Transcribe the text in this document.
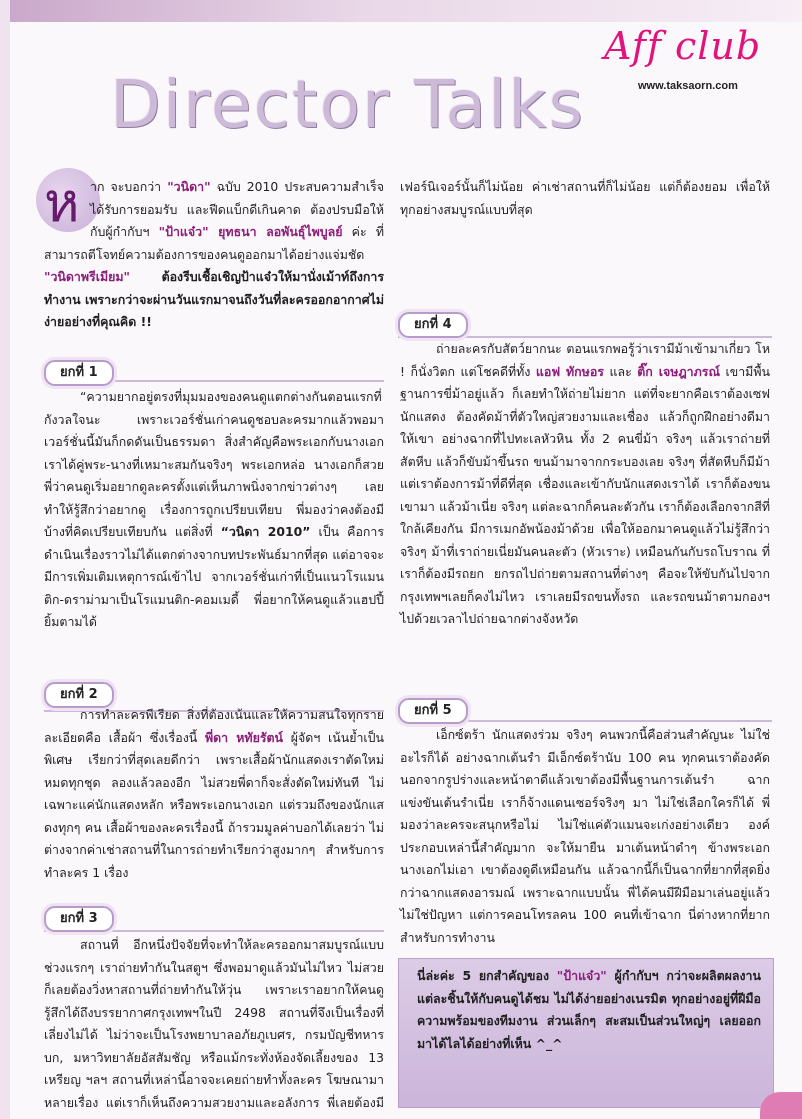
Aff club
www.taksaorn.com
Director Talks

หาก จะบอกว่า "วนิดา" ฉบับ 2010 ประสบความสำเร็จ ได้รับการยอมรับ และฟีดแบ็กดีเกินคาด ต้องปรบมือให้กับผู้กำกับฯ "ป้าแจ๋ว" ยุทธนา ลอพันธุ์ไพบูลย์ ค่ะ ที่สามารถตีโจทย์ความต้องการของคนดูออกมาได้อย่างแจ่มชัด "วนิดาพรีเมียม" ต้องรีบเชื้อเชิญป้าแจ๋วให้มานั่งเม้าท์ถึงการทำงาน เพราะกว่าจะผ่านวันแรกมาจนถึงวันที่ละครออกอากาศไม่ง่ายอย่างที่คุณคิด !!

ยกที่ 1

“ความยากอยู่ตรงที่มุมมองของคนดูแตกต่างกันตอนแรกที่กังวลใจนะ เพราะเวอร์ชั่นเก่าคนดูชอบละครมากแล้วพอมาเวอร์ชั่นนี้มันก็กดดันเป็นธรรมดา สิ่งสำคัญคือพระเอกกับนางเอก เราได้คู่พระ-นางที่เหมาะสมกันจริงๆ พระเอกหล่อ นางเอกก็สวย พี่ว่าคนดูเริ่มอยากดูละครตั้งแต่เห็นภาพนิ่งจากข่าวต่างๆ เลยทำให้รู้สึกว่าอยากดู เรื่องการถูกเปรียบเทียบ พี่มองว่าคงต้องมีบ้างที่คิดเปรียบเทียบกัน แต่สิ่งที่ “วนิดา 2010” เป็น คือการดำเนินเรื่องราวไม่ได้แตกต่างจากบทประพันธ์มากที่สุด แต่อาจจะมีการเพิ่มเติมเหตุการณ์เข้าไป จากเวอร์ชั่นเก่าที่เป็นแนวโรแมนติก-ดราม่ามาเป็นโรแมนติก-คอมเมดี้ พี่อยากให้คนดูแล้วแฮปปี้ ยิ้มตามได้

ยกที่ 2

การทำละครพีเรียด สิ่งที่ต้องเน้นและให้ความสนใจทุกรายละเอียดคือ เสื้อผ้า ซึ่งเรื่องนี้ พี่ดา หทัยรัตน์ ผู้จัดฯ เน้นย้ำเป็นพิเศษ เรียกว่าที่สุดเลยดีกว่า เพราะเสื้อผ้านักแสดงเราตัดใหม่หมดทุกชุด ลองแล้วลองอีก ไม่สวยพี่ดาก็จะสั่งตัดใหม่ทันที ไม่เฉพาะแค่นักแสดงหลัก หรือพระเอกนางเอก แต่รวมถึงของนักแสดงทุกๆ คน เสื้อผ้าของละครเรื่องนี้ ถ้ารวมมูลค่าบอกได้เลยว่า ไม่ต่างจากค่าเช่าสถานที่ในการถ่ายทำเรียกว่าสูงมากๆ สำหรับการทำละคร 1 เรื่อง

ยกที่ 3

สถานที่ อีกหนึ่งปัจจัยที่จะทำให้ละครออกมาสมบูรณ์แบบ ช่วงแรกๆ เราถ่ายทำกันในสตูฯ ซึ่งพอมาดูแล้วมันไม่ไหว ไม่สวย ก็เลยต้องวิ่งหาสถานที่ถ่ายทำกันให้วุ่น เพราะเราอยากให้คนดูรู้สึกได้ถึงบรรยากาศกรุงเทพฯในปี 2498 สถานที่จึงเป็นเรื่องที่เลี่ยงไม่ได้ ไม่ว่าจะเป็นโรงพยาบาลอภัยภูเบศร, กรมบัญชีทหารบก, มหาวิทยาลัยอัสสัมชัญ หรือแม้กระทั่งห้องจัดเลี้ยงของ 13 เหรียญ ฯลฯ สถานที่เหล่านี้อาจจะเคยถ่ายทำทั้งละคร โฆษณามาหลายเรื่อง แต่เราก็เห็นถึงความสวยงามและอลังการ พี่เลยต้องมี

เฟอร์นิเจอร์นั้นก็ไม่น้อย ค่าเช่าสถานที่ก็ไม่น้อย แต่ก็ต้องยอม เพื่อให้ทุกอย่างสมบูรณ์แบบที่สุด

ยกที่ 4

ถ่ายละครกับสัตว์ยากนะ ตอนแรกพอรู้ว่าเรามีม้าเข้ามาเกี่ยว โห ! ก็นั่งวิตก แต่โชคดีที่ทั้ง แอฟ ทักษอร และ ติ๊ก เจษฎาภรณ์ เขามีพื้นฐานการขี่ม้าอยู่แล้ว ก็เลยทำให้ถ่ายไม่ยาก แต่ที่จะยากคือเราต้องเซฟนักแสดง ต้องคัดม้าที่ตัวใหญ่สวยงามและเชื่อง แล้วก็ถูกฝึกอย่างดีมาให้เขา อย่างฉากที่ไปทะเลหัวหิน ทั้ง 2 คนขี่ม้า จริงๆ แล้วเราถ่ายที่สัตหีบ แล้วก็ขับม้าขึ้นรถ ขนม้ามาจากกระบองเลย จริงๆ ที่สัตหีบก็มีม้า แต่เราต้องการม้าที่ดีที่สุด เชื่องและเข้ากับนักแสดงเราได้ เราก็ต้องขนเขามา แล้วม้าเนี่ย จริงๆ แต่ละฉากก็คนละตัวกัน เราก็ต้องเลือกจากสีที่ใกล้เคียงกัน มีการเมกอัพน้องม้าด้วย เพื่อให้ออกมาคนดูแล้วไม่รู้สึกว่า จริงๆ ม้าที่เราถ่ายเนี่ยมันคนละตัว (หัวเราะ) เหมือนกันกับรถโบราณ ที่เราก็ต้องมีรถยก ยกรถไปถ่ายตามสถานที่ต่างๆ คือจะให้ขับกันไปจากกรุงเทพฯเลยก็คงไม่ไหว เราเลยมีรถขนทั้งรถ และรถขนม้าตามกองฯไปด้วยเวลาไปถ่ายฉากต่างจังหวัด

ยกที่ 5

เอ็กซ์ตร้า นักแสดงร่วม จริงๆ คนพวกนี้คือส่วนสำคัญนะ ไม่ใช่อะไรก็ได้ อย่างฉากเต้นรำ มีเอ็กซ์ตร้านับ 100 คน ทุกคนเราต้องคัด นอกจากรูปร่างและหน้าตาดีแล้วเขาต้องมีพื้นฐานการเต้นรำ ฉากแข่งขันเต้นรำเนี่ย เราก็จ้างแดนเซอร์จริงๆ มา ไม่ใช่เลือกใครก็ได้ พี่มองว่าละครจะสนุกหรือไม่ ไม่ใช่แค่ตัวแมนจะเก่งอย่างเดียว องค์ประกอบเหล่านี้สำคัญมาก จะให้มายืน มาเต้นหน้าดำๆ ข้างพระเอก นางเอกไม่เอา เขาต้องดูดีเหมือนกัน แล้วฉากนี้ก็เป็นฉากที่ยากที่สุดยิ่งกว่าฉากแสดงอารมณ์ เพราะฉากแบบนั้น พี่ได้คนมีฝีมือมาเล่นอยู่แล้ว ไม่ใช่ปัญหา แต่การคอนโทรลคน 100 คนที่เข้าฉาก นี่ต่างหากที่ยากสำหรับการทำงาน

นี่ล่ะค่ะ 5 ยกสำคัญของ "ป้าแจ๋ว" ผู้กำกับฯ กว่าจะผลิตผลงานแต่ละชิ้นให้กับคนดูได้ชม ไม่ได้ง่ายอย่างเนรมิต ทุกอย่างอยู่ที่ฝีมือ ความพร้อมของทีมงาน ส่วนเล็กๆ สะสมเป็นส่วนใหญ่ๆ เลยออกมาได้ไลได้อย่างที่เห็น ^_^
